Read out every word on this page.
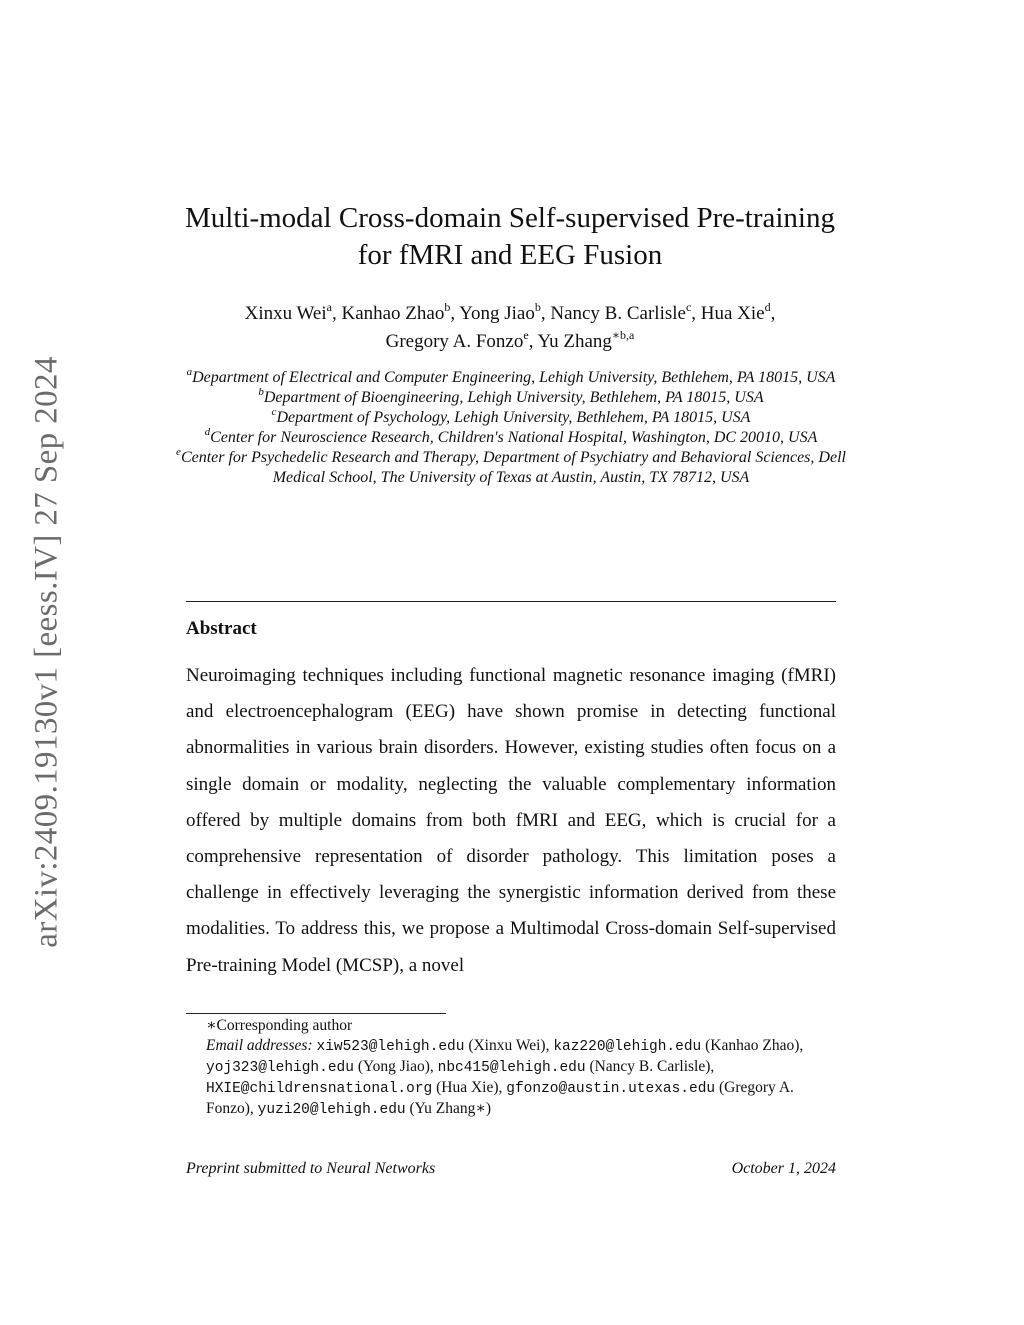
arXiv:2409.19130v1 [eess.IV] 27 Sep 2024
Multi-modal Cross-domain Self-supervised Pre-training
for fMRI and EEG Fusion
Xinxu Wei$^a$, Kanhao Zhao$^b$, Yong Jiao$^b$, Nancy B. Carlisle$^c$, Hua Xie$^d$,
Gregory A. Fonzo$^e$, Yu Zhang$^{∗b,a}$
$^a$Department of Electrical and Computer Engineering, Lehigh University, Bethlehem, PA 18015, USA
$^b$Department of Bioengineering, Lehigh University, Bethlehem, PA 18015, USA
$^c$Department of Psychology, Lehigh University, Bethlehem, PA 18015, USA
$^d$Center for Neuroscience Research, Children's National Hospital, Washington, DC 20010, USA
$^e$Center for Psychedelic Research and Therapy, Department of Psychiatry and Behavioral Sciences, Dell Medical School, The University of Texas at Austin, Austin, TX 78712, USA
Abstract

Neuroimaging techniques including functional magnetic resonance imaging (fMRI) and electroencephalogram (EEG) have shown promise in detecting functional abnormalities in various brain disorders. However, existing studies often focus on a single domain or modality, neglecting the valuable complementary information offered by multiple domains from both fMRI and EEG, which is crucial for a comprehensive representation of disorder pathology. This limitation poses a challenge in effectively leveraging the synergistic information derived from these modalities. To address this, we propose a Multimodal Cross-domain Self-supervised Pre-training Model (MCSP), a novel

∗Corresponding author

Email addresses: xiw523@lehigh.edu (Xinxu Wei), kaz220@lehigh.edu (Kanhao Zhao), yoj323@lehigh.edu (Yong Jiao), nbc415@lehigh.edu (Nancy B. Carlisle), HXIE@childrensnational.org (Hua Xie), gfonzo@austin.utexas.edu (Gregory A. Fonzo), yuzi20@lehigh.edu (Yu Zhang∗)

Preprint submitted to Neural Networks	October 1, 2024
